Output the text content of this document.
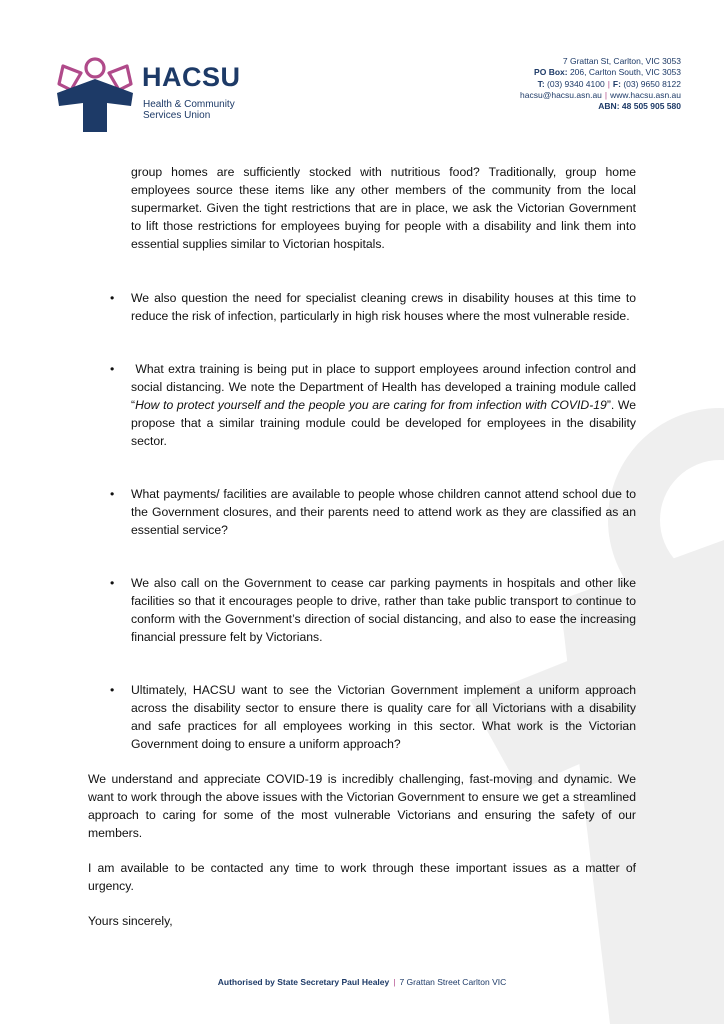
HACSU
Health & Community
Services Union
7 Grattan St, Carlton, VIC 3053
PO Box: 206, Carlton South, VIC 3053
T: (03) 9340 4100 | F: (03) 9650 8122
hacsu@hacsu.asn.au | www.hacsu.asn.au
ABN: 48 505 905 580

group homes are sufficiently stocked with nutritious food? Traditionally, group home employees source these items like any other members of the community from the local supermarket. Given the tight restrictions that are in place, we ask the Victorian Government to lift those restrictions for employees buying for people with a disability and link them into essential supplies similar to Victorian hospitals.

• We also question the need for specialist cleaning crews in disability houses at this time to reduce the risk of infection, particularly in high risk houses where the most vulnerable reside.
• What extra training is being put in place to support employees around infection control and social distancing. We note the Department of Health has developed a training module called “How to protect yourself and the people you are caring for from infection with COVID-19”. We propose that a similar training module could be developed for employees in the disability sector.
• What payments/ facilities are available to people whose children cannot attend school due to the Government closures, and their parents need to attend work as they are classified as an essential service?
• We also call on the Government to cease car parking payments in hospitals and other like facilities so that it encourages people to drive, rather than take public transport to continue to conform with the Government’s direction of social distancing, and also to ease the increasing financial pressure felt by Victorians.
• Ultimately, HACSU want to see the Victorian Government implement a uniform approach across the disability sector to ensure there is quality care for all Victorians with a disability and safe practices for all employees working in this sector. What work is the Victorian Government doing to ensure a uniform approach?

We understand and appreciate COVID-19 is incredibly challenging, fast-moving and dynamic. We want to work through the above issues with the Victorian Government to ensure we get a streamlined approach to caring for some of the most vulnerable Victorians and ensuring the safety of our members.

I am available to be contacted any time to work through these important issues as a matter of urgency.

Yours sincerely,

Authorised by State Secretary Paul Healey | 7 Grattan Street Carlton VIC
